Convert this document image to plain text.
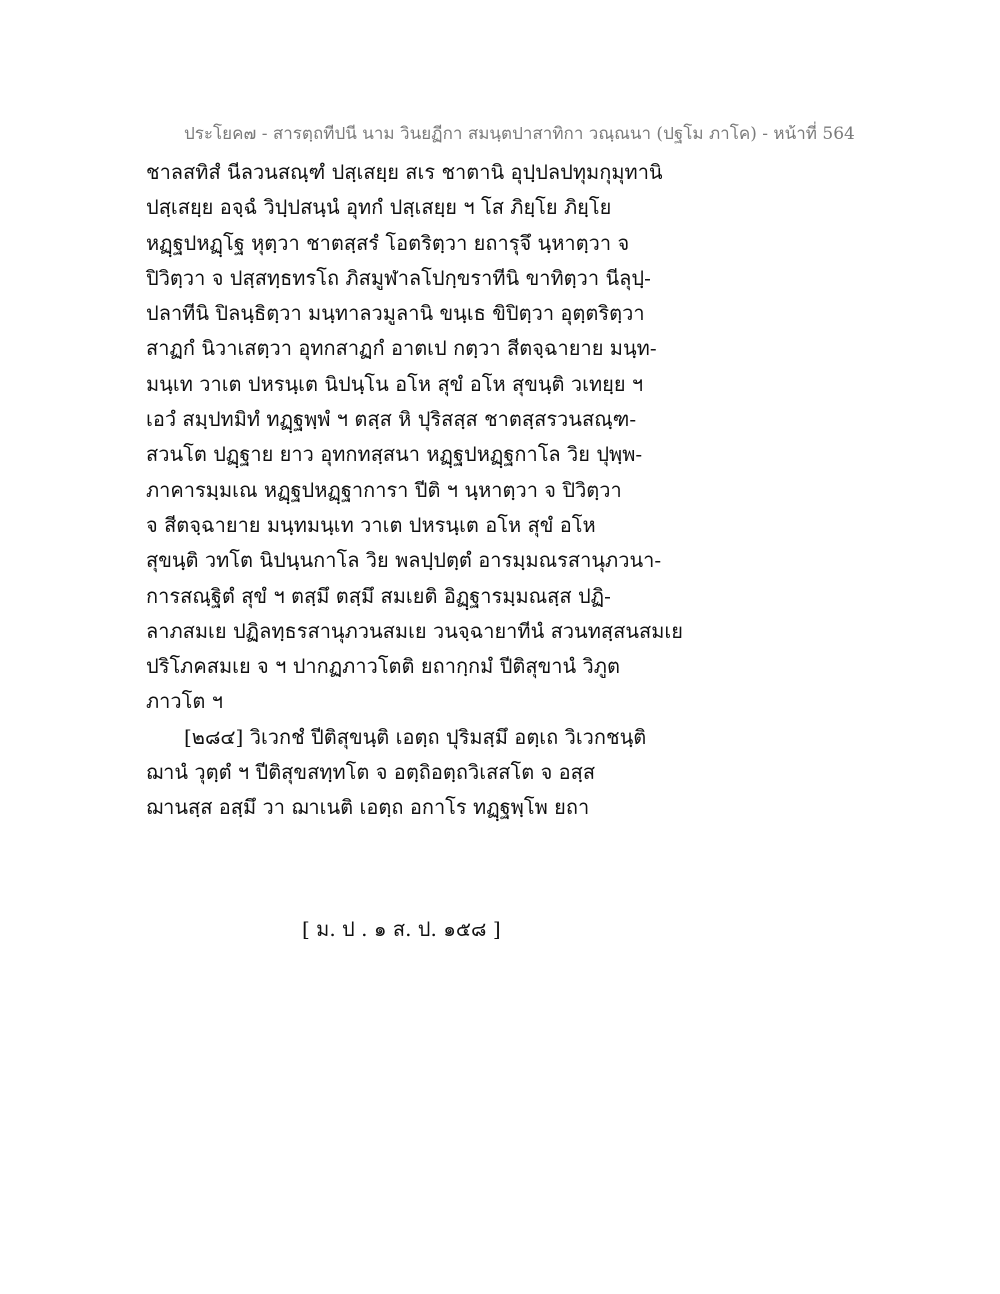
ประโยค๗ - สารตฺถทีปนี นาม วินยฏีกา สมนฺตปาสาทิกา วณฺณนา (ปฐโม ภาโค) - หน้าที่ 564

ชาลสทิสํ นีลวนสณฺฑํ ปสฺเสยฺย สเร ชาตานิ อุปฺปลปทุมกุมุทานิ

ปสฺเสยฺย อจฺฉํ วิปฺปสนฺนํ อุทกํ ปสฺเสยฺย ฯ โส ภิยฺโย ภิยฺโย

หฏฺฐปหฏฺโฐ หุตฺวา ชาตสฺสรํ โอตริตฺวา ยถารุจึ นฺหาตฺวา จ

ปิวิตฺวา จ ปสฺสทฺธทรโถ ภิสมูฬาลโปกฺขราทีนิ ขาทิตฺวา นีลุปฺ-

ปลาทีนิ ปิลนฺธิตฺวา มนฺทาลวมูลานิ ขนฺเธ ขิปิตฺวา อุตฺตริตฺวา

สาฏกํ นิวาเสตฺวา อุทกสาฏกํ อาตเป กตฺวา สีตจฺฉายาย มนฺท-

มนฺเท วาเต ปหรนฺเต นิปนฺโน อโห สุขํ อโห สุขนฺติ วเทยฺย ฯ

เอวํ สมฺปทมิทํ ทฏฺฐพฺพํ ฯ ตสฺส หิ ปุริสสฺส ชาตสฺสรวนสณฺฑ-

สวนโต ปฏฺฐาย ยาว อุทกทสฺสนา หฏฺฐปหฏฺฐกาโล วิย ปุพฺพ-

ภาคารมฺมเณ หฏฺฐปหฏฺฐาการา ปีติ ฯ นฺหาตฺวา จ ปิวิตฺวา

จ สีตจฺฉายาย มนฺทมนฺเท วาเต ปหรนฺเต อโห สุขํ อโห

สุขนฺติ วทโต นิปนฺนกาโล วิย พลปฺปตฺตํ อารมฺมณรสานุภวนา-

การสณฺฐิตํ สุขํ ฯ ตสฺมึ ตสฺมึ สมเยติ อิฏฺฐารมฺมณสฺส ปฏิ-

ลาภสมเย ปฏิลทฺธรสานุภวนสมเย วนจฺฉายาทีนํ สวนทสฺสนสมเย

ปริโภคสมเย จ ฯ ปากฏภาวโตติ ยถากฺกมํ ปีติสุขานํ วิภูต

ภาวโต ฯ

[๒๘๔] วิเวกชํ ปีติสุขนฺติ เอตฺถ ปุริมสฺมึ อตฺเถ วิเวกชนฺติ

ฌานํ วุตฺตํ ฯ ปีติสุขสทฺทโต จ อตฺถิอตฺถวิเสสโต จ อสฺส

ฌานสฺส อสฺมึ วา ฌาเนติ เอตฺถ อกาโร ทฏฺฐพฺโพ ยถา

[ ม. ป . ๑ ส. ป. ๑๕๘ ]
